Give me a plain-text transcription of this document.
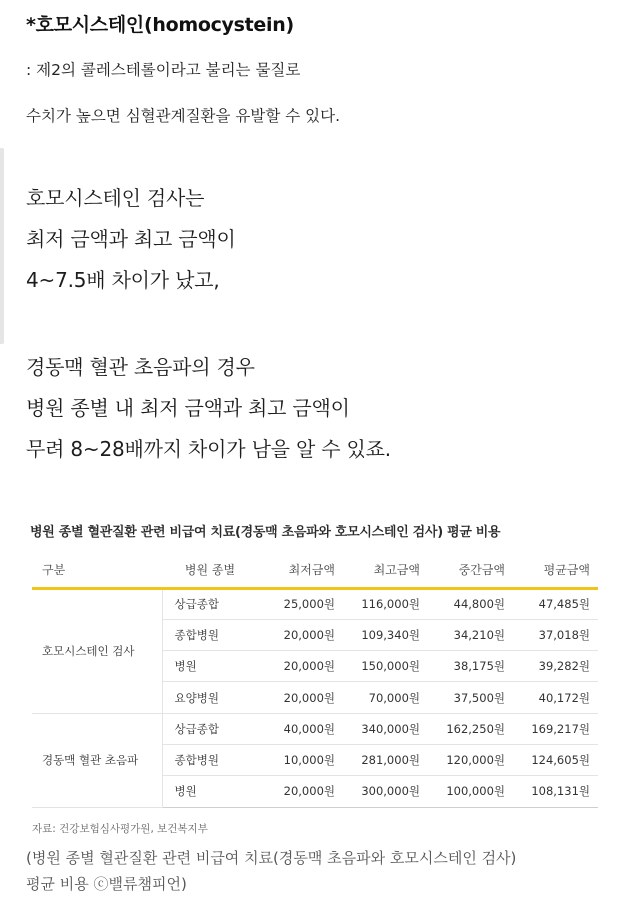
*호모시스테인(homocystein)
: 제2의 콜레스테롤이라고 불리는 물질로
수치가 높으면 심혈관계질환을 유발할 수 있다.
호모시스테인 검사는
최저 금액과 최고 금액이
4~7.5배 차이가 났고,
경동맥 혈관 초음파의 경우
병원 종별 내 최저 금액과 최고 금액이
무려 8~28배까지 차이가 남을 알 수 있죠.
병원 종별 혈관질환 관련 비급여 치료(경동맥 초음파와 호모시스테인 검사) 평균 비용
구분	병원 종별	최저금액	최고금액	중간금액	평균금액
호모시스테인 검사	상급종합	25,000원	116,000원	44,800원	47,485원
	종합병원	20,000원	109,340원	34,210원	37,018원
	병원	20,000원	150,000원	38,175원	39,282원
	요양병원	20,000원	70,000원	37,500원	40,172원
경동맥 혈관 초음파	상급종합	40,000원	340,000원	162,250원	169,217원
	종합병원	10,000원	281,000원	120,000원	124,605원
	병원	20,000원	300,000원	100,000원	108,131원
자료: 건강보험심사평가원, 보건복지부
(병원 종별 혈관질환 관련 비급여 치료(경동맥 초음파와 호모시스테인 검사)
평균 비용 ⓒ밸류챔피언)
